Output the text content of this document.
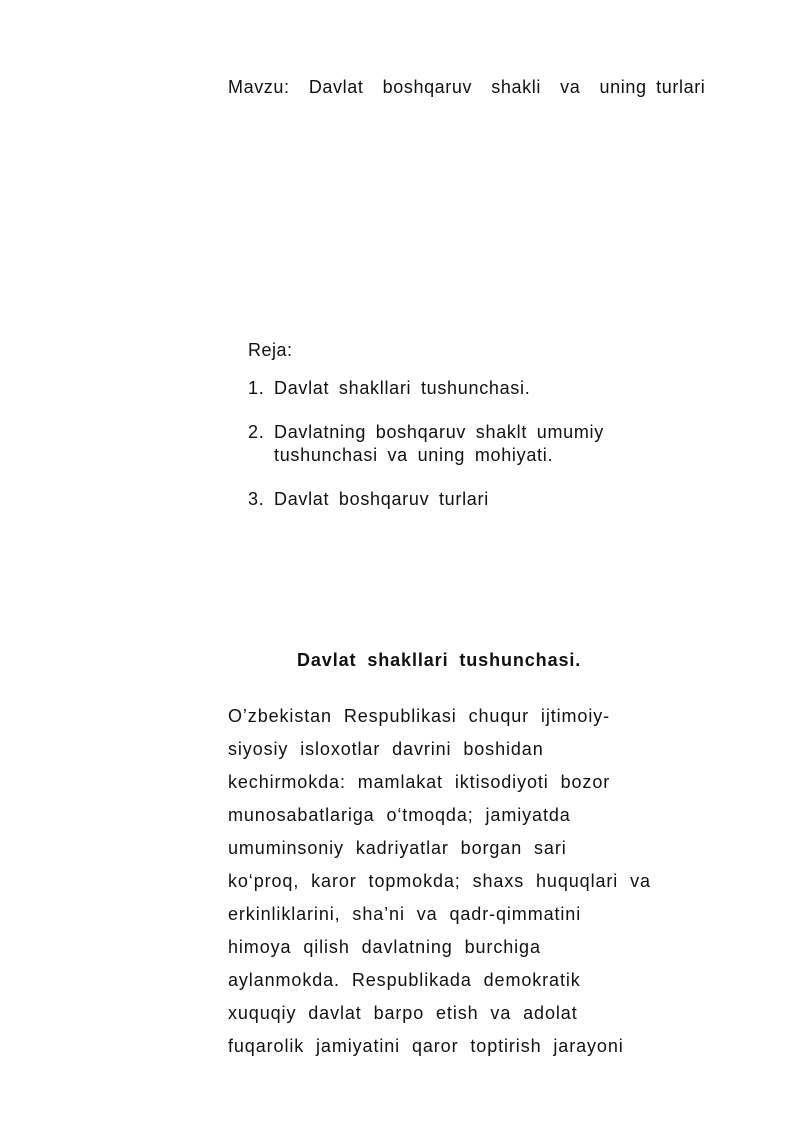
Mavzu:  Davlat  boshqaruv  shakli  va  uning turlari
Reja:
1. Davlat shakllari tushunchasi.
2. Davlatning boshqaruv shaklt umumiy tushunchasi va uning mohiyati.
3. Davlat boshqaruv turlari
Davlat shakllari tushunchasi.
O’zbekistan Respublikasi chuqur ijtimoiy-
siyosiy isloxotlar davrini boshidan
kechirmokda: mamlakat iktisodiyoti bozor
munosabatlariga o‘tmoqda; jamiyatda
umuminsoniy kadriyatlar borgan sari
ko‘proq, karor topmokda; shaxs huquqlari va
erkinliklarini, sha’ni va qadr-qimmatini
himoya qilish davlatning burchiga
aylanmokda. Respublikada demokratik
xuquqiy davlat barpo etish va adolat
fuqarolik jamiyatini qaror toptirish jarayoni
